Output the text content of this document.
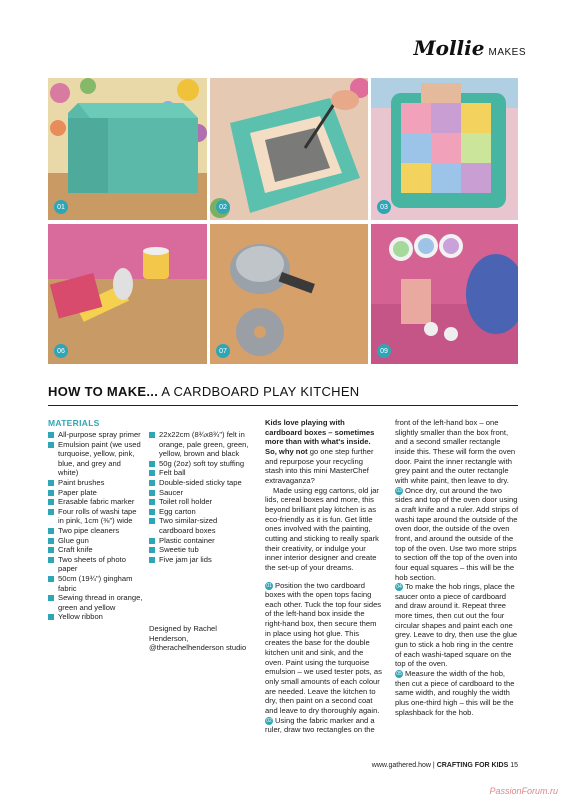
Mollie MAKES
01	02	03
06	07	09
HOW TO MAKE... A CARDBOARD PLAY KITCHEN
MATERIALS
All-purpose spray primer
Emulsion paint (we used turquoise, yellow, pink, blue, and grey and white)
Paint brushes
Paper plate
Erasable fabric marker
Four rolls of washi tape in pink, 1cm (⅜") wide
Two pipe cleaners
Glue gun
Craft knife
Two sheets of photo paper
50cm (19¾") gingham fabric
Sewing thread in orange, green and yellow
Yellow ribbon
22x22cm (8¾x8¾") felt in orange, pale green, green, yellow, brown and black
50g (2oz) soft toy stuffing
Felt ball
Double-sided sticky tape
Saucer
Toilet roll holder
Egg carton
Two similar-sized cardboard boxes
Plastic container
Sweetie tub
Five jam jar lids
Designed by Rachel Henderson, @therachelhenderson studio

Kids love playing with cardboard boxes – sometimes more than with what's inside. So, why not go one step further and repurpose your recycling stash into this mini MasterChef extravaganza?

Made using egg cartons, old jar lids, cereal boxes and more, this beyond brilliant play kitchen is as eco-friendly as it is fun. Get little ones involved with the painting, cutting and sticking to really spark their creativity, or indulge your inner interior designer and create the set-up of your dreams.

01 Position the two cardboard boxes with the open tops facing each other. Tuck the top four sides of the left-hand box inside the right-hand box, then secure them in place using hot glue. This creates the base for the double kitchen unit and sink, and the oven. Paint using the turquoise emulsion – we used tester pots, as only small amounts of each colour are needed. Leave the kitchen to dry, then paint on a second coat and leave to dry thoroughly again.

02 Using the fabric marker and a ruler, draw two rectangles on the

front of the left-hand box – one slightly smaller than the box front, and a second smaller rectangle inside this. These will form the oven door. Paint the inner rectangle with grey paint and the outer rectangle with white paint, then leave to dry.

03 Once dry, cut around the two sides and top of the oven door using a craft knife and a ruler. Add strips of washi tape around the outside of the oven door, the outside of the oven front, and around the outside of the top of the oven. Use two more strips to section off the top of the oven into four equal squares – this will be the hob section.

04 To make the hob rings, place the saucer onto a piece of cardboard and draw around it. Repeat three more times, then cut out the four circular shapes and paint each one grey. Leave to dry, then use the glue gun to stick a hob ring in the centre of each washi-taped square on the top of the oven.

05 Measure the width of the hob, then cut a piece of cardboard to the same width, and roughly the width plus one-third high – this will be the splashback for the hob.

www.gathered.how | CRAFTING FOR KIDS 15
PassionForum.ru
